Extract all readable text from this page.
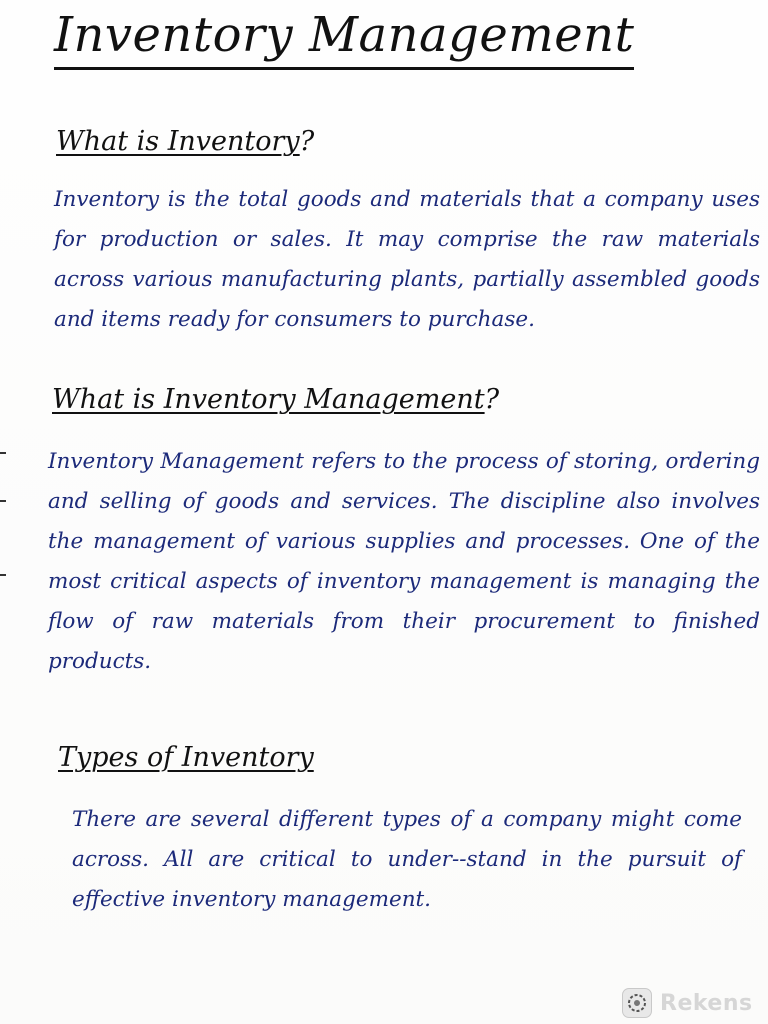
Inventory Management
What is Inventory?
Inventory is the total goods and materials that a company uses for production or sales. It may comprise the raw materials across various manufacturing plants, partially assembled goods and items ready for consumers to purchase.
What is Inventory Management?
Inventory Management refers to the process of storing, ordering and selling of goods and services. The discipline also involves the management of various supplies and processes. One of the most critical aspects of inventory management is managing the flow of raw materials from their procurement to finished products.
Types of Inventory
There are several different types of a company might come across. All are critical to under--stand in the pursuit of effective inventory management.
Rekens
